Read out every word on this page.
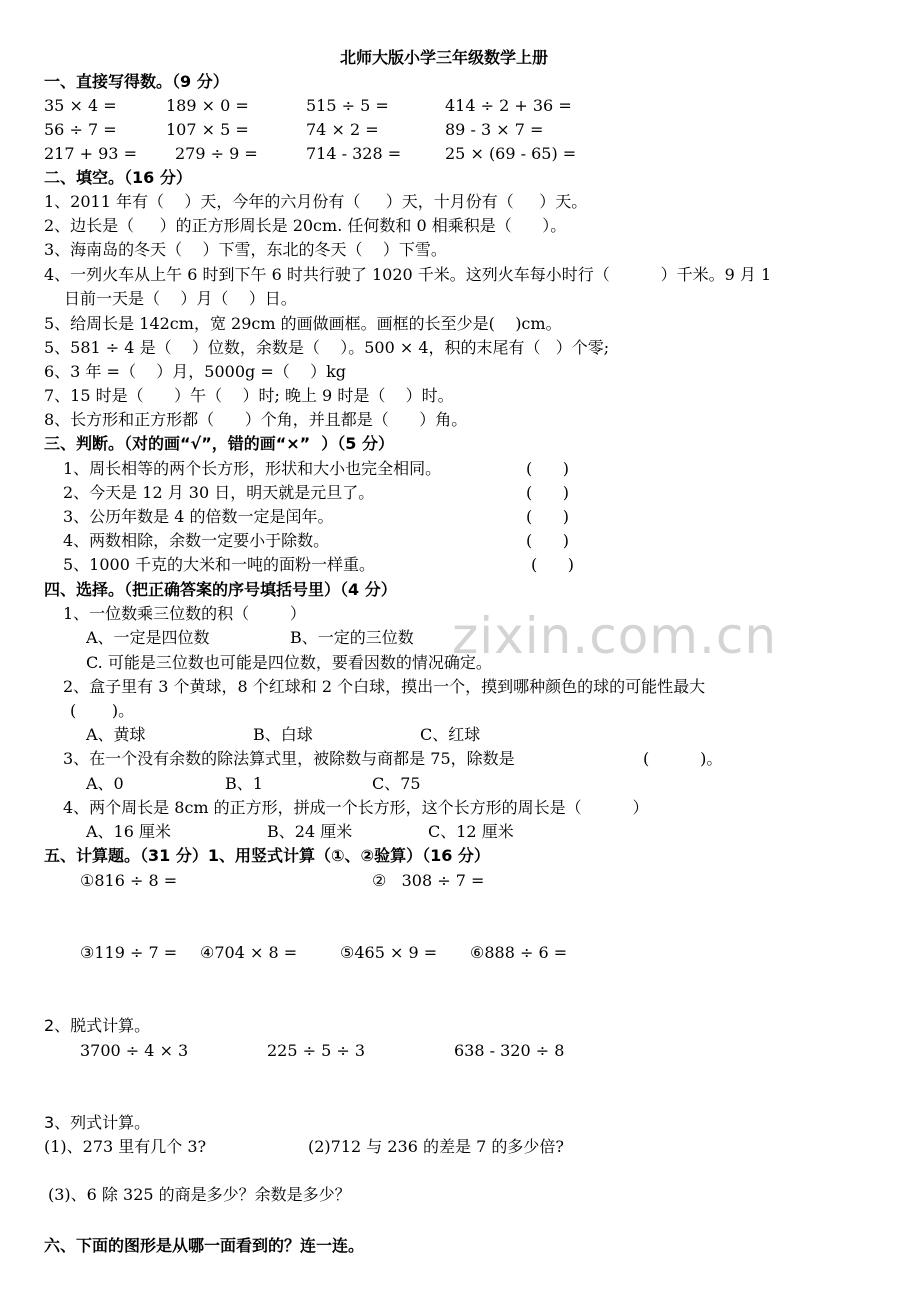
zixin.com.cn
北师大版小学三年级数学上册
一、直接写得数。（9 分）
35 × 4 =	189 × 0 =	515 ÷ 5 =	414 ÷ 2 + 36 =
56 ÷ 7 =	107 × 5 =	74 × 2 =	89 - 3 × 7 =
217 + 93 = 279 ÷ 9 =	714 - 328 =	25 × (69 - 65) =
二、填空。（16 分）
1、2011 年有（    ）天，今年的六月份有（     ）天，十月份有（     ）天。
2、边长是（     ）的正方形周长是 20cm. 任何数和 0 相乘积是（      ）。
3、海南岛的冬天（    ）下雪，东北的冬天（    ）下雪。
4、一列火车从上午 6 时到下午 6 时共行驶了 1020 千米。这列火车每小时行（          ）千米。9 月 1
日前一天是（    ）月（    ）日。
5、给周长是 142cm，宽 29cm 的画做画框。画框的长至少是(    )cm。
5、581 ÷ 4 是（    ）位数，余数是（    ）。500 × 4，积的末尾有（   ）个零;
6、3 年 =（    ）月，5000g =（    ）kg
7、15 时是（      ）午（    ）时; 晚上 9 时是（    ）时。
8、长方形和正方形都（      ）个角，并且都是（      ）角。
三、判断。（对的画“√”，错的画“×”  ）（5 分）
1、周长相等的两个长方形，形状和大小也完全相同。	(      )
2、今天是 12 月 30 日，明天就是元旦了。	(      )
3、公历年数是 4 的倍数一定是闰年。	(      )
4、两数相除，余数一定要小于除数。	(      )
5、1000 千克的大米和一吨的面粉一样重。	(      )
四、选择。（把正确答案的序号填括号里）（4 分）
1、一位数乘三位数的积（        ）
A、一定是四位数	B、一定的三位数
C. 可能是三位数也可能是四位数，要看因数的情况确定。
2、盒子里有 3 个黄球，8 个红球和 2 个白球，摸出一个，摸到哪种颜色的球的可能性最大
(       )。
A、黄球	B、白球	C、红球
3、在一个没有余数的除法算式里，被除数与商都是 75，除数是	(          )。
A、0	B、1	C、75
4、两个周长是 8cm 的正方形，拼成一个长方形，这个长方形的周长是（          ）
A、16 厘米	B、24 厘米	C、12 厘米
五、计算题。（31 分）1、用竖式计算（①、②验算）（16 分）
①816 ÷ 8 =	②   308 ÷ 7 =
③119 ÷ 7 = ④704 × 8 =	⑤465 × 9 = ⑥888 ÷ 6 =
2、脱式计算。
3700 ÷ 4 × 3	225 ÷ 5 ÷ 3	638 - 320 ÷ 8
3、列式计算。
(1)、273 里有几个 3?	(2)712 与 236 的差是 7 的多少倍?
(3)、6 除 325 的商是多少？余数是多少？
六、下面的图形是从哪一面看到的？连一连。
